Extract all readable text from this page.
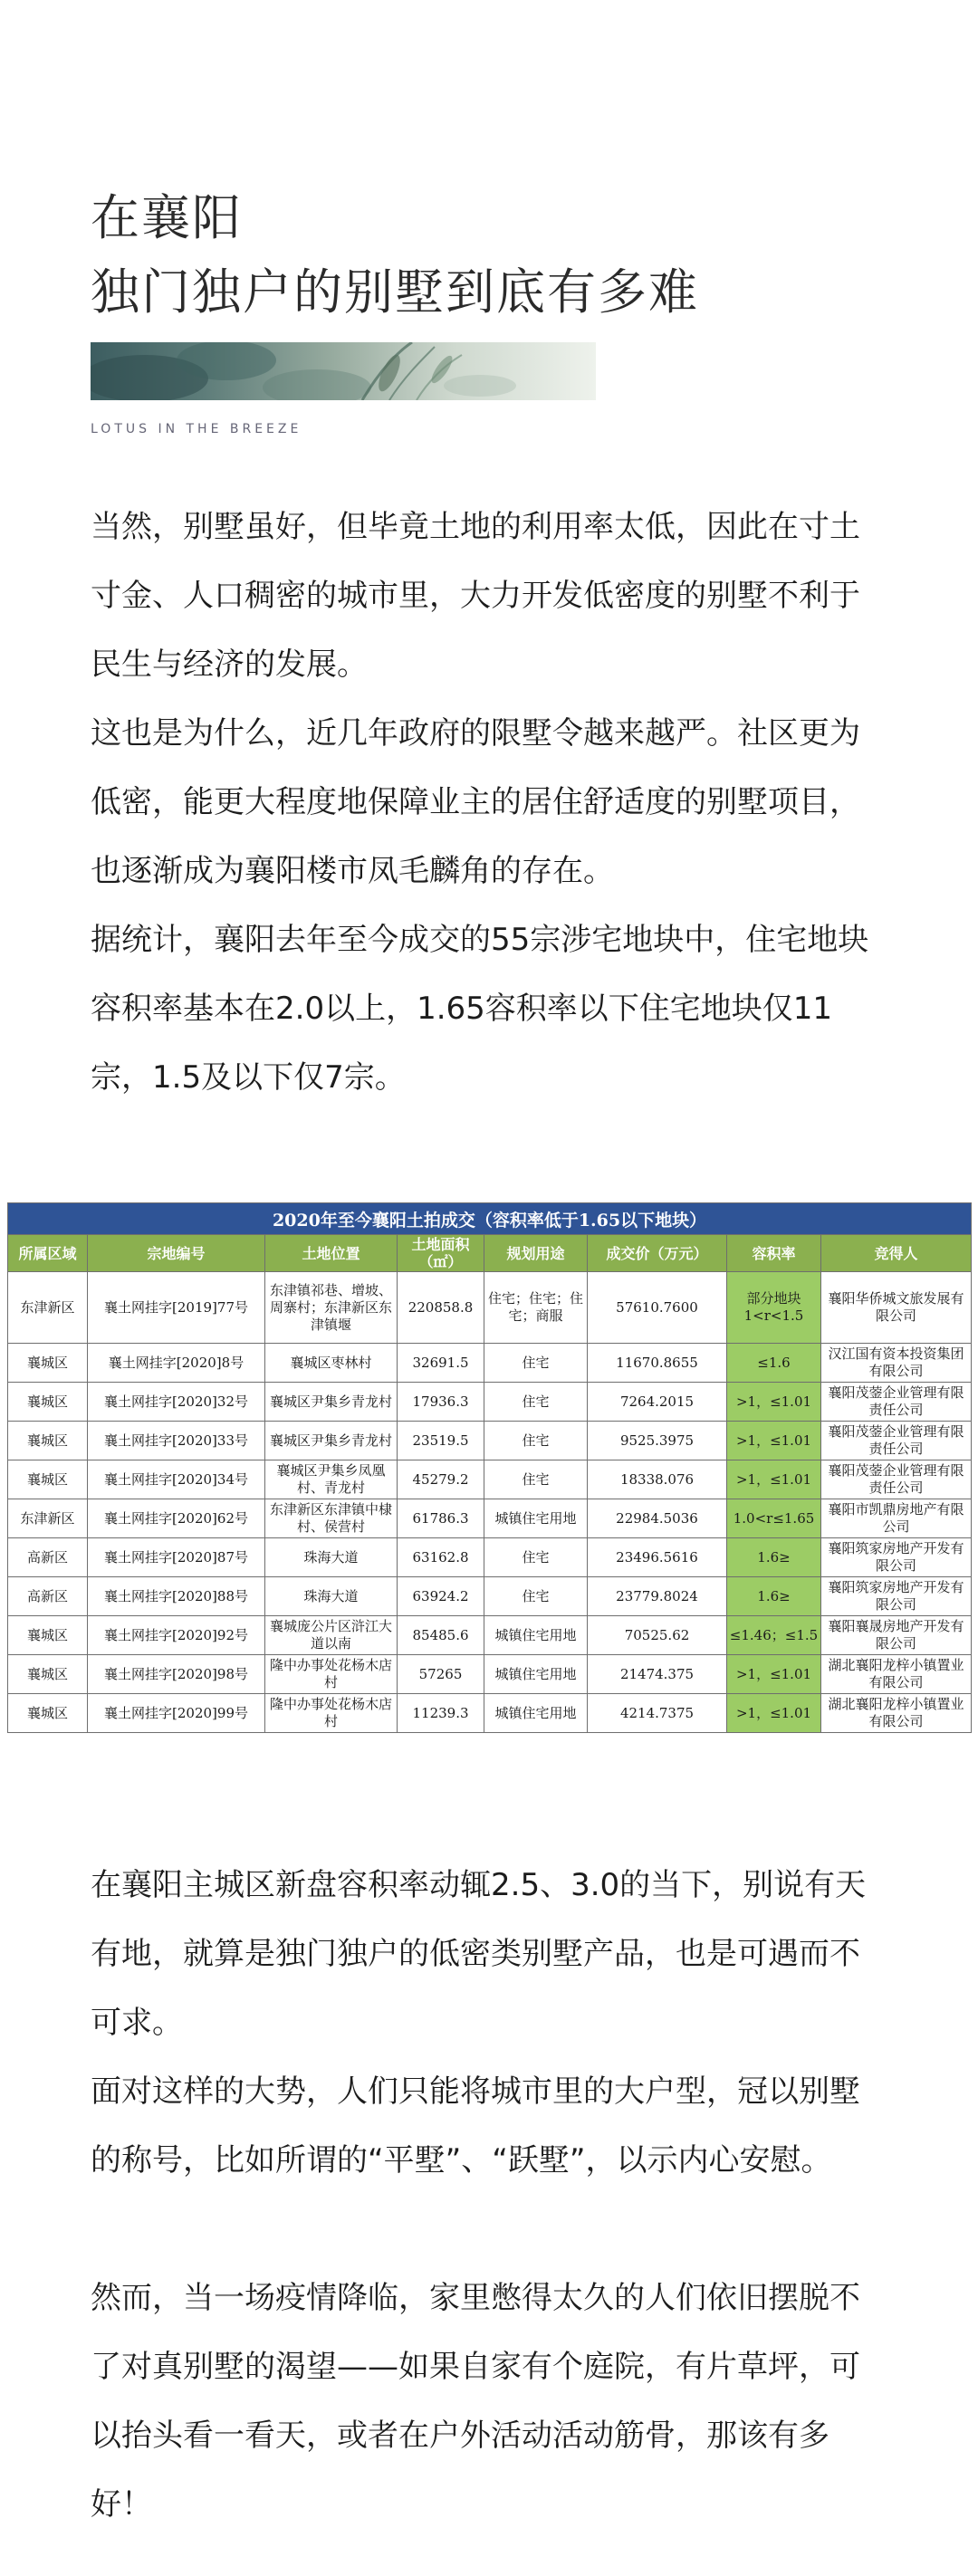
在襄阳
独门独户的别墅到底有多难
LOTUS IN THE BREEZE

当然，别墅虽好，但毕竟土地的利用率太低，因此在寸土寸金、人口稠密的城市里，大力开发低密度的别墅不利于民生与经济的发展。

这也是为什么，近几年政府的限墅令越来越严。社区更为低密，能更大程度地保障业主的居住舒适度的别墅项目，也逐渐成为襄阳楼市凤毛麟角的存在。

据统计，襄阳去年至今成交的55宗涉宅地块中，住宅地块容积率基本在2.0以上，1.65容积率以下住宅地块仅11宗，1.5及以下仅7宗。

2020年至今襄阳土拍成交（容积率低于1.65以下地块）							
所属区域	宗地编号	土地位置	土地面积（㎡）	规划用途	成交价（万元）	容积率	竞得人
东津新区	襄土网挂字[2019]77号	东津镇祁巷、增坡、周寨村；东津新区东津镇堰	220858.8	住宅；住宅；住宅；商服	57610.7600	部分地块1<r<1.5	襄阳华侨城文旅发展有限公司
襄城区	襄土网挂字[2020]8号	襄城区枣林村	32691.5	住宅	11670.8655	≤1.6	汉江国有资本投资集团有限公司
襄城区	襄土网挂字[2020]32号	襄城区尹集乡青龙村	17936.3	住宅	7264.2015	>1，≤1.01	襄阳茂蓥企业管理有限责任公司
襄城区	襄土网挂字[2020]33号	襄城区尹集乡青龙村	23519.5	住宅	9525.3975	>1，≤1.01	襄阳茂蓥企业管理有限责任公司
襄城区	襄土网挂字[2020]34号	襄城区尹集乡凤凰村、青龙村	45279.2	住宅	18338.076	>1，≤1.01	襄阳茂蓥企业管理有限责任公司
东津新区	襄土网挂字[2020]62号	东津新区东津镇中棣村、侯营村	61786.3	城镇住宅用地	22984.5036	1.0<r≤1.65	襄阳市凯鼎房地产有限公司
高新区	襄土网挂字[2020]87号	珠海大道	63162.8	住宅	23496.5616	1.6≥	襄阳筑家房地产开发有限公司
高新区	襄土网挂字[2020]88号	珠海大道	63924.2	住宅	23779.8024	1.6≥	襄阳筑家房地产开发有限公司
襄城区	襄土网挂字[2020]92号	襄城庞公片区浒江大道以南	85485.6	城镇住宅用地	70525.62	≤1.46；≤1.5	襄阳襄晟房地产开发有限公司
襄城区	襄土网挂字[2020]98号	隆中办事处花杨木店村	57265	城镇住宅用地	21474.375	>1，≤1.01	湖北襄阳龙梓小镇置业有限公司
襄城区	襄土网挂字[2020]99号	隆中办事处花杨木店村	11239.3	城镇住宅用地	4214.7375	>1，≤1.01	湖北襄阳龙梓小镇置业有限公司

在襄阳主城区新盘容积率动辄2.5、3.0的当下，别说有天有地，就算是独门独户的低密类别墅产品，也是可遇而不可求。

面对这样的大势，人们只能将城市里的大户型，冠以别墅的称号，比如所谓的“平墅”、“跃墅”，以示内心安慰。

然而，当一场疫情降临，家里憋得太久的人们依旧摆脱不了对真别墅的渴望——如果自家有个庭院，有片草坪，可以抬头看一看天，或者在户外活动活动筋骨，那该有多好！
